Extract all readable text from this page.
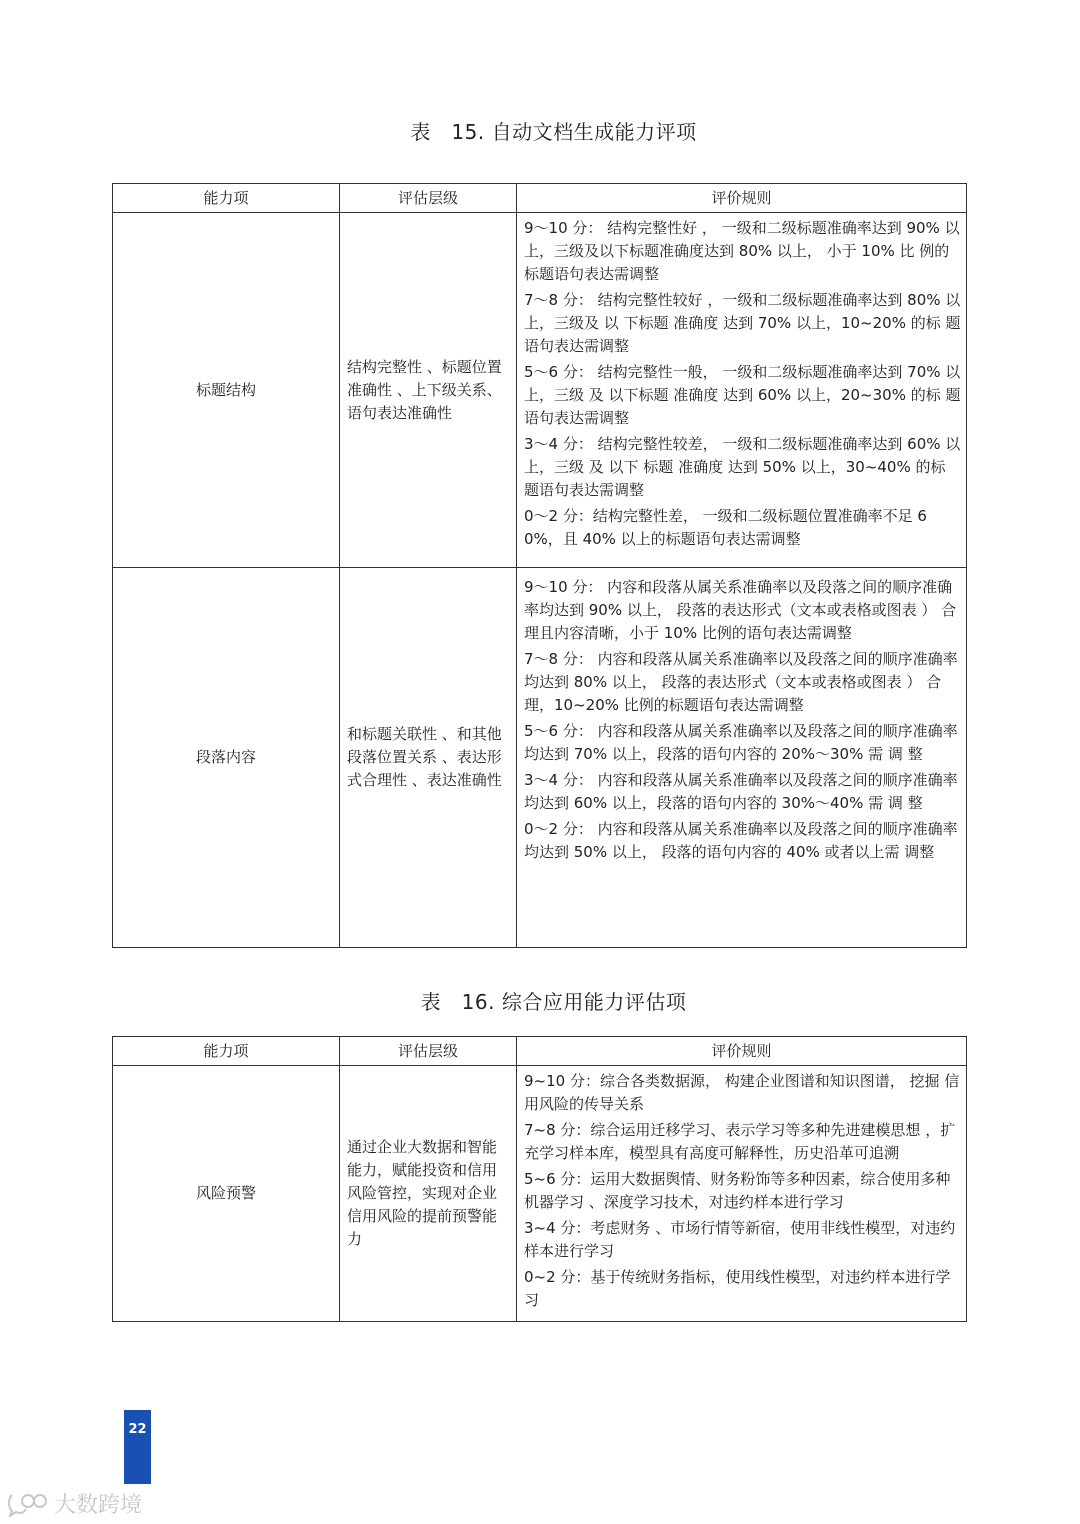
表　15. 自动文档生成能力评项
能力项	评估层级	评价规则
标题结构	结构完整性 、标题位置准确性 、上下级关系、语句表达准确性	9～10 分： 结构完整性好 ， 一级和二级标题准确率达到 90% 以上，三级及以下标题准确度达到 80% 以上， 小于 10% 比 例的标题语句表达需调整
7～8 分： 结构完整性较好 ，一级和二级标题准确率达到 80% 以上，三级及 以 下标题 准确度 达到 70% 以上，10~20% 的标 题语句表达需调整
5～6 分： 结构完整性一般， 一级和二级标题准确率达到 70% 以 上，三级 及 以下标题 准确度 达到 60% 以上，20~30% 的标 题语句表达需调整
3～4 分： 结构完整性较差， 一级和二级标题准确率达到 60% 以上，三级 及 以下 标题 准确度 达到 50% 以上，30~40% 的标 题语句表达需调整
0～2 分：结构完整性差， 一级和二级标题位置准确率不足 60%，且 40% 以上的标题语句表达需调整

段落内容	和标题关联性 、和其他段落位置关系 、表达形式合理性 、表达准确性	9～10 分： 内容和段落从属关系准确率以及段落之间的顺序准确率均达到 90% 以上， 段落的表达形式（文本或表格或图表 ） 合理且内容清晰，小于 10% 比例的语句表达需调整
7～8 分： 内容和段落从属关系准确率以及段落之间的顺序准确率均达到 80% 以上， 段落的表达形式（文本或表格或图表 ） 合理，10~20% 比例的标题语句表达需调整
5～6 分： 内容和段落从属关系准确率以及段落之间的顺序准确率均达到 70% 以上，段落的语句内容的 20%～30% 需 调 整
3～4 分： 内容和段落从属关系准确率以及段落之间的顺序准确率均达到 60% 以上，段落的语句内容的 30%～40% 需 调 整
0～2 分： 内容和段落从属关系准确率以及段落之间的顺序准确率均达到 50% 以上， 段落的语句内容的 40% 或者以上需 调整
表　16. 综合应用能力评估项
能力项	评估层级	评价规则
风险预警	通过企业大数据和智能能力，赋能投资和信用风险管控，实现对企业信用风险的提前预警能力	9~10 分：综合各类数据源， 构建企业图谱和知识图谱， 挖掘 信用风险的传导关系
7~8 分：综合运用迁移学习、表示学习等多种先进建模思想 ，扩充学习样本库，模型具有高度可解释性，历史沿革可追溯
5~6 分：运用大数据舆情、财务粉饰等多种因素，综合使用多种机器学习 、深度学习技术，对违约样本进行学习
3~4 分：考虑财务 、市场行情等新宿，使用非线性模型，对违约样本进行学习
0~2 分：基于传统财务指标，使用线性模型，对违约样本进行学习
22
大数跨境
